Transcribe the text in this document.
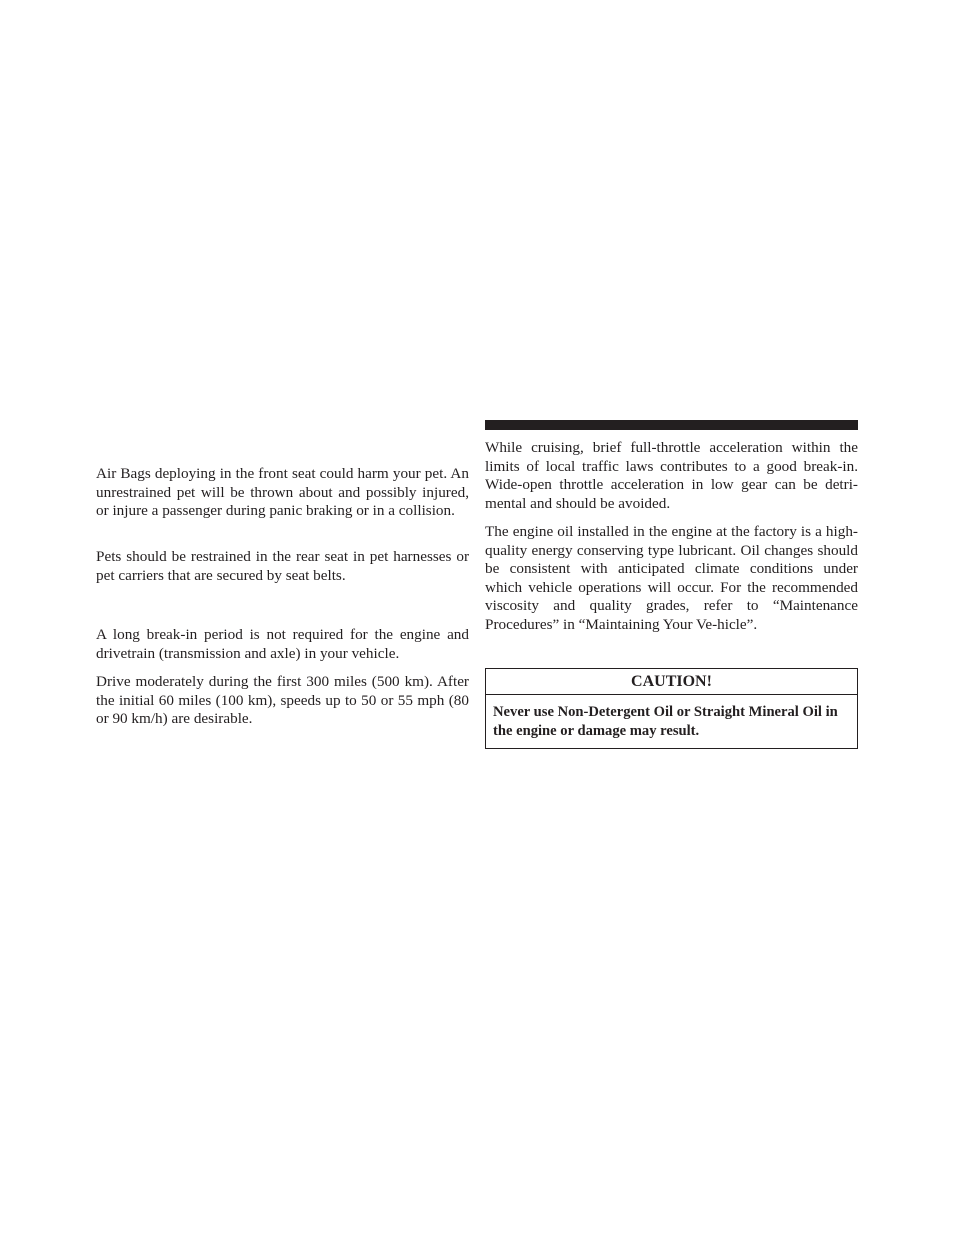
Air Bags deploying in the front seat could harm your pet. An unrestrained pet will be thrown about and possibly injured, or injure a passenger during panic braking or in a collision.

Pets should be restrained in the rear seat in pet harnesses or pet carriers that are secured by seat belts.

A long break-in period is not required for the engine and drivetrain (transmission and axle) in your vehicle.

Drive moderately during the first 300 miles (500 km). After the initial 60 miles (100 km), speeds up to 50 or 55 mph (80 or 90 km/h) are desirable.

While cruising, brief full-throttle acceleration within the limits of local traffic laws contributes to a good break-in. Wide-open throttle acceleration in low gear can be detri-mental and should be avoided.

The engine oil installed in the engine at the factory is a high-quality energy conserving type lubricant. Oil changes should be consistent with anticipated climate conditions under which vehicle operations will occur. For the recommended viscosity and quality grades, refer to “Maintenance Procedures” in “Maintaining Your Ve-hicle”.

CAUTION!
Never use Non-Detergent Oil or Straight Mineral Oil in the engine or damage may result.
